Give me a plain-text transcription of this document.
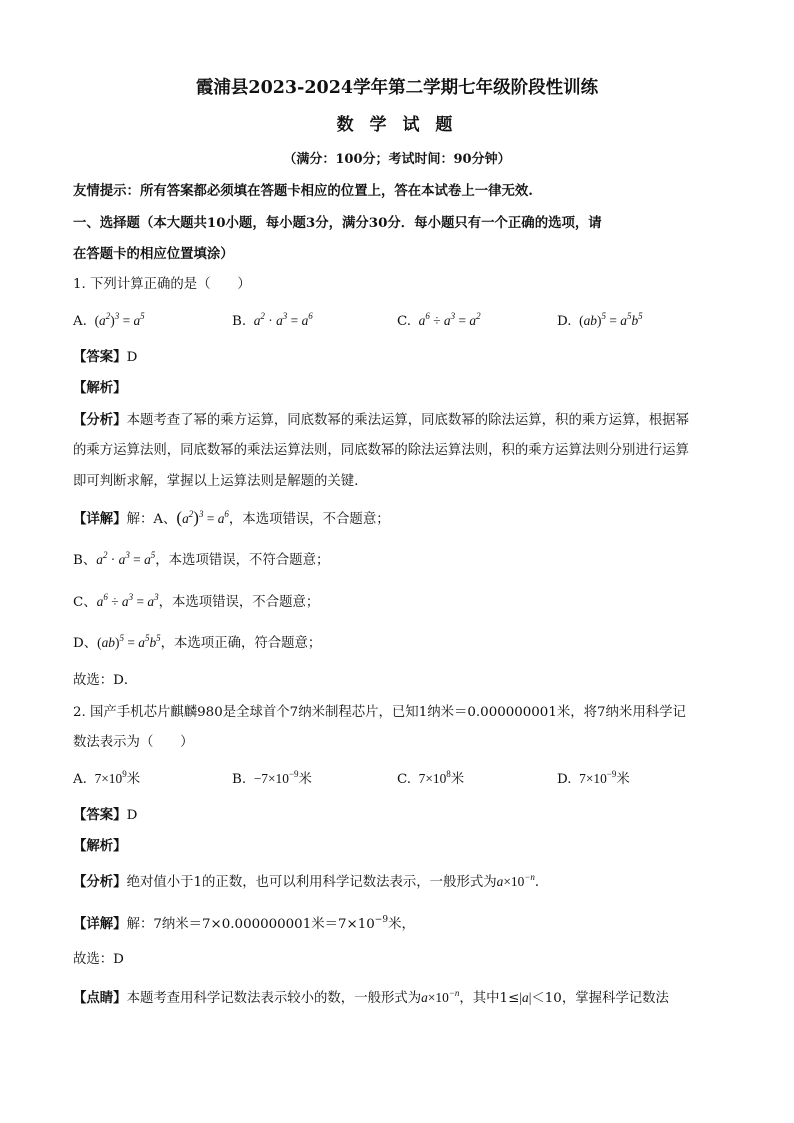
霞浦县2023-2024学年第二学期七年级阶段性训练
数 学 试 题
（满分：100分；考试时间：90分钟）
友情提示：所有答案都必须填在答题卡相应的位置上，答在本试卷上一律无效.
一、选择题（本大题共10小题，每小题3分，满分30分．每小题只有一个正确的选项，请
在答题卡的相应位置填涂）
1. 下列计算正确的是（　　）
A. $(a^2)^3 = a^5$	B.  $a^2 \cdot a^3 = a^6$	C.  $a^6 \div a^3 = a^2$	D. $(ab)^5 = a^5b^5$
【答案】D
【解析】
【分析】本题考查了幂的乘方运算，同底数幂的乘法运算，同底数幂的除法运算，积的乘方运算，根据幂
的乘方运算法则，同底数幂的乘法运算法则，同底数幂的除法运算法则，积的乘方运算法则分别进行运算
即可判断求解，掌握以上运算法则是解题的关键．
【详解】解：A、$(a^2)^3 = a^6$，本选项错误，不合题意；
B、$a^2 \cdot a^3 = a^5$，本选项错误，不符合题意；
C、$a^6 \div a^3 = a^3$，本选项错误，不合题意；
D、$(ab)^5 = a^5b^5$，本选项正确，符合题意；
故选：D．
2. 国产手机芯片麒麟980是全球首个7纳米制程芯片，已知1纳米＝0.000000001米，将7纳米用科学记
数法表示为（　　）
A. $7\times 10^9$米	B. $-7\times 10^{-9}$米	C. $7\times 10^8$米	D. $7\times 10^{-9}$米
【答案】D
【解析】
【分析】绝对值小于1的正数，也可以利用科学记数法表示，一般形式为$a\times 10^{-n}$．
【详解】解：7纳米＝7×0.000000001米$=7\times 10^{-9}$米，
故选：D
【点睛】本题考查用科学记数法表示较小的数，一般形式为$a\times 10^{-n}$，其中1≤|a|＜10，掌握科学记数法
